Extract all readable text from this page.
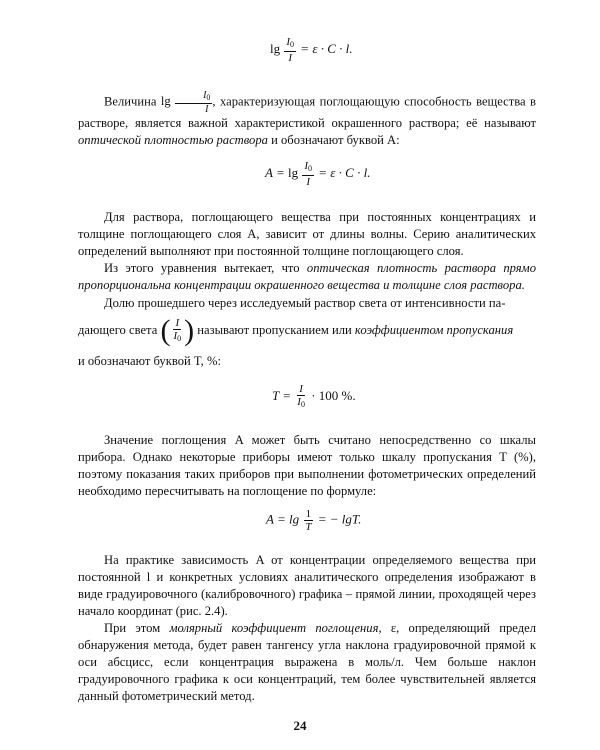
$\lg \frac{I_0}{I} = \varepsilon \cdot C \cdot l$.

Величина $\lg \frac{I_0}{I}$ , характеризующая поглощающую способность вещества в растворе, является важной характеристикой окрашенного раствора; её называют оптической плотностью раствора и обозначают буквой A:

$A = \lg \frac{I_0}{I} = \varepsilon \cdot C \cdot l$.

Для раствора, поглощающего вещества при постоянных концентрациях и толщине поглощающего слоя A, зависит от длины волны. Серию аналитических определений выполняют при постоянной толщине поглощающего слоя.

Из этого уравнения вытекает, что оптическая плотность раствора прямо пропорциональна концентрации окрашенного вещества и толщине слоя раствора.

Долю прошедшего через исследуемый раствор света от интенсивности па-
дающего света ( $\frac{I}{I_0}$ ) называют пропусканием или коэффициентом пропускания
и обозначают буквой T, %:
$T = \frac{I}{I_0} \cdot 100$ %.

Значение поглощения A может быть считано непосредственно со шкалы прибора. Однако некоторые приборы имеют только шкалу пропускания T (%), поэтому показания таких приборов при выполнении фотометрических определений необходимо пересчитывать на поглощение по формуле:

$A = \lg \frac{1}{T}$ = − lgT.

На практике зависимость A от концентрации определяемого вещества при постоянной l и конкретных условиях аналитического определения изображают в виде градуировочного (калибровочного) графика – прямой линии, проходящей через начало координат (рис. 2.4).

При этом молярный коэффициент поглощения, ε, определяющий предел обнаружения метода, будет равен тангенсу угла наклона градуировочной прямой к оси абсцисс, если концентрация выражена в моль/л. Чем больше наклон градуировочного графика к оси концентраций, тем более чувствительней является данный фотометрический метод.

24
